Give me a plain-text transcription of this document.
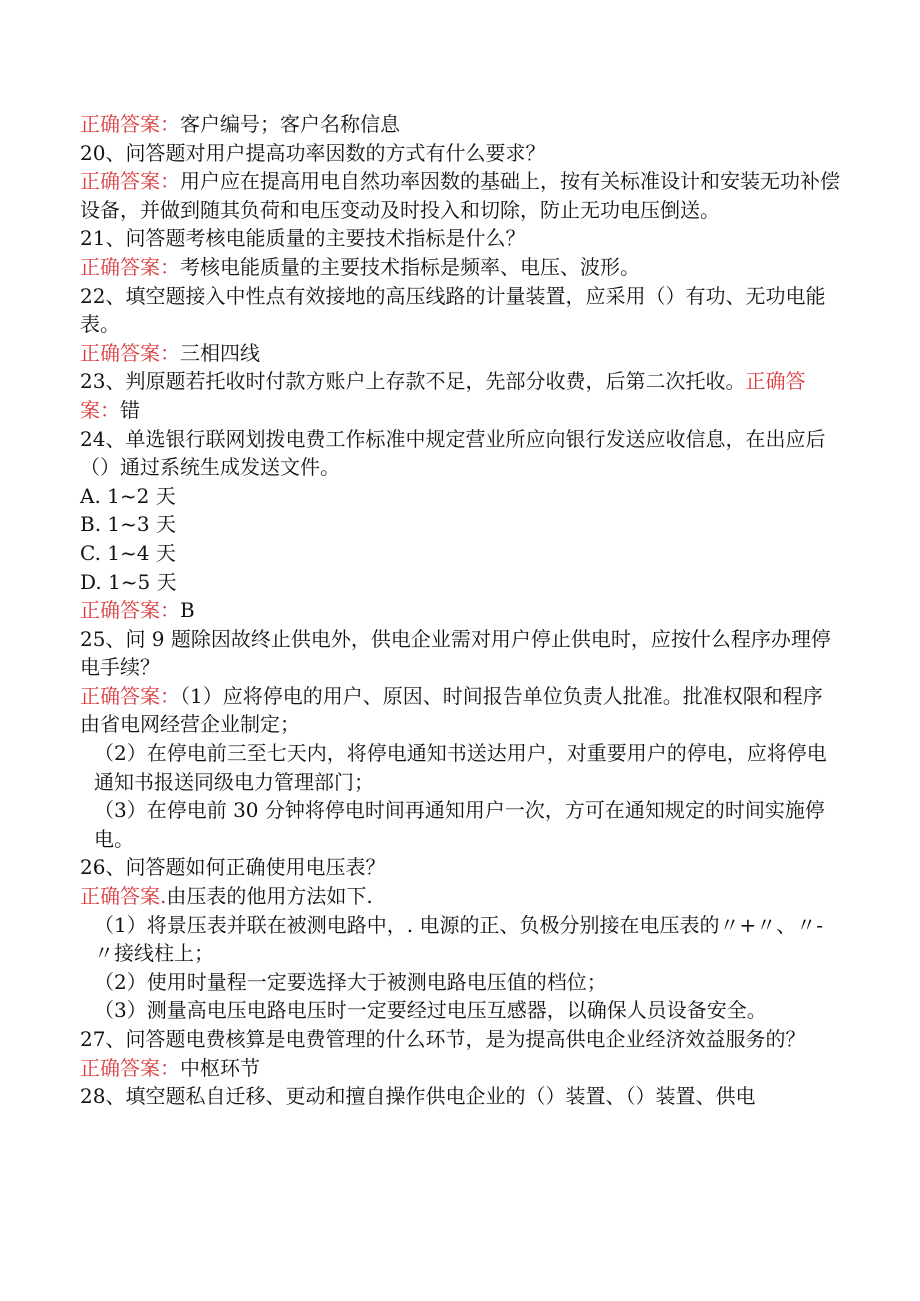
正确答案：客户编号；客户名称信息

20、问答题对用户提高功率因数的方式有什么要求？

正确答案：用户应在提高用电自然功率因数的基础上，按有关标准设计和安装无功补偿设备，并做到随其负荷和电压变动及时投入和切除，防止无功电压倒送。

21、问答题考核电能质量的主要技术指标是什么？

正确答案：考核电能质量的主要技术指标是频率、电压、波形。

22、填空题接入中性点有效接地的高压线路的计量装置，应采用（）有功、无功电能表。

正确答案：三相四线

23、判原题若托收时付款方账户上存款不足，先部分收费，后第二次托收。正确答案：错

24、单选银行联网划拨电费工作标准中规定营业所应向银行发送应收信息，在出应后（）通过系统生成发送文件。

A. 1~2 天

B. 1~3 天

C. 1~4 天

D. 1~5 天

正确答案：B

25、问 9 题除因故终止供电外，供电企业需对用户停止供电时，应按什么程序办理停电手续？

正确答案：（1）应将停电的用户、原因、时间报告单位负责人批准。批准权限和程序由省电网经营企业制定；

（2）在停电前三至七天内，将停电通知书送达用户，对重要用户的停电，应将停电通知书报送同级电力管理部门；

（3）在停电前 30 分钟将停电时间再通知用户一次，方可在通知规定的时间实施停电。

26、问答题如何正确使用电压表？

正确答案.由压表的他用方法如下.

（1）将景压表并联在被测电路中，. 电源的正、负极分别接在电压表的〃+〃、〃-〃接线柱上；

（2）使用时量程一定要选择大于被测电路电压值的档位；

（3）测量高电压电路电压时一定要经过电压互感器，以确保人员设备安全。

27、问答题电费核算是电费管理的什么环节，是为提高供电企业经济效益服务的？

正确答案：中枢环节

28、填空题私自迁移、更动和擅自操作供电企业的（）装置、（）装置、供电
